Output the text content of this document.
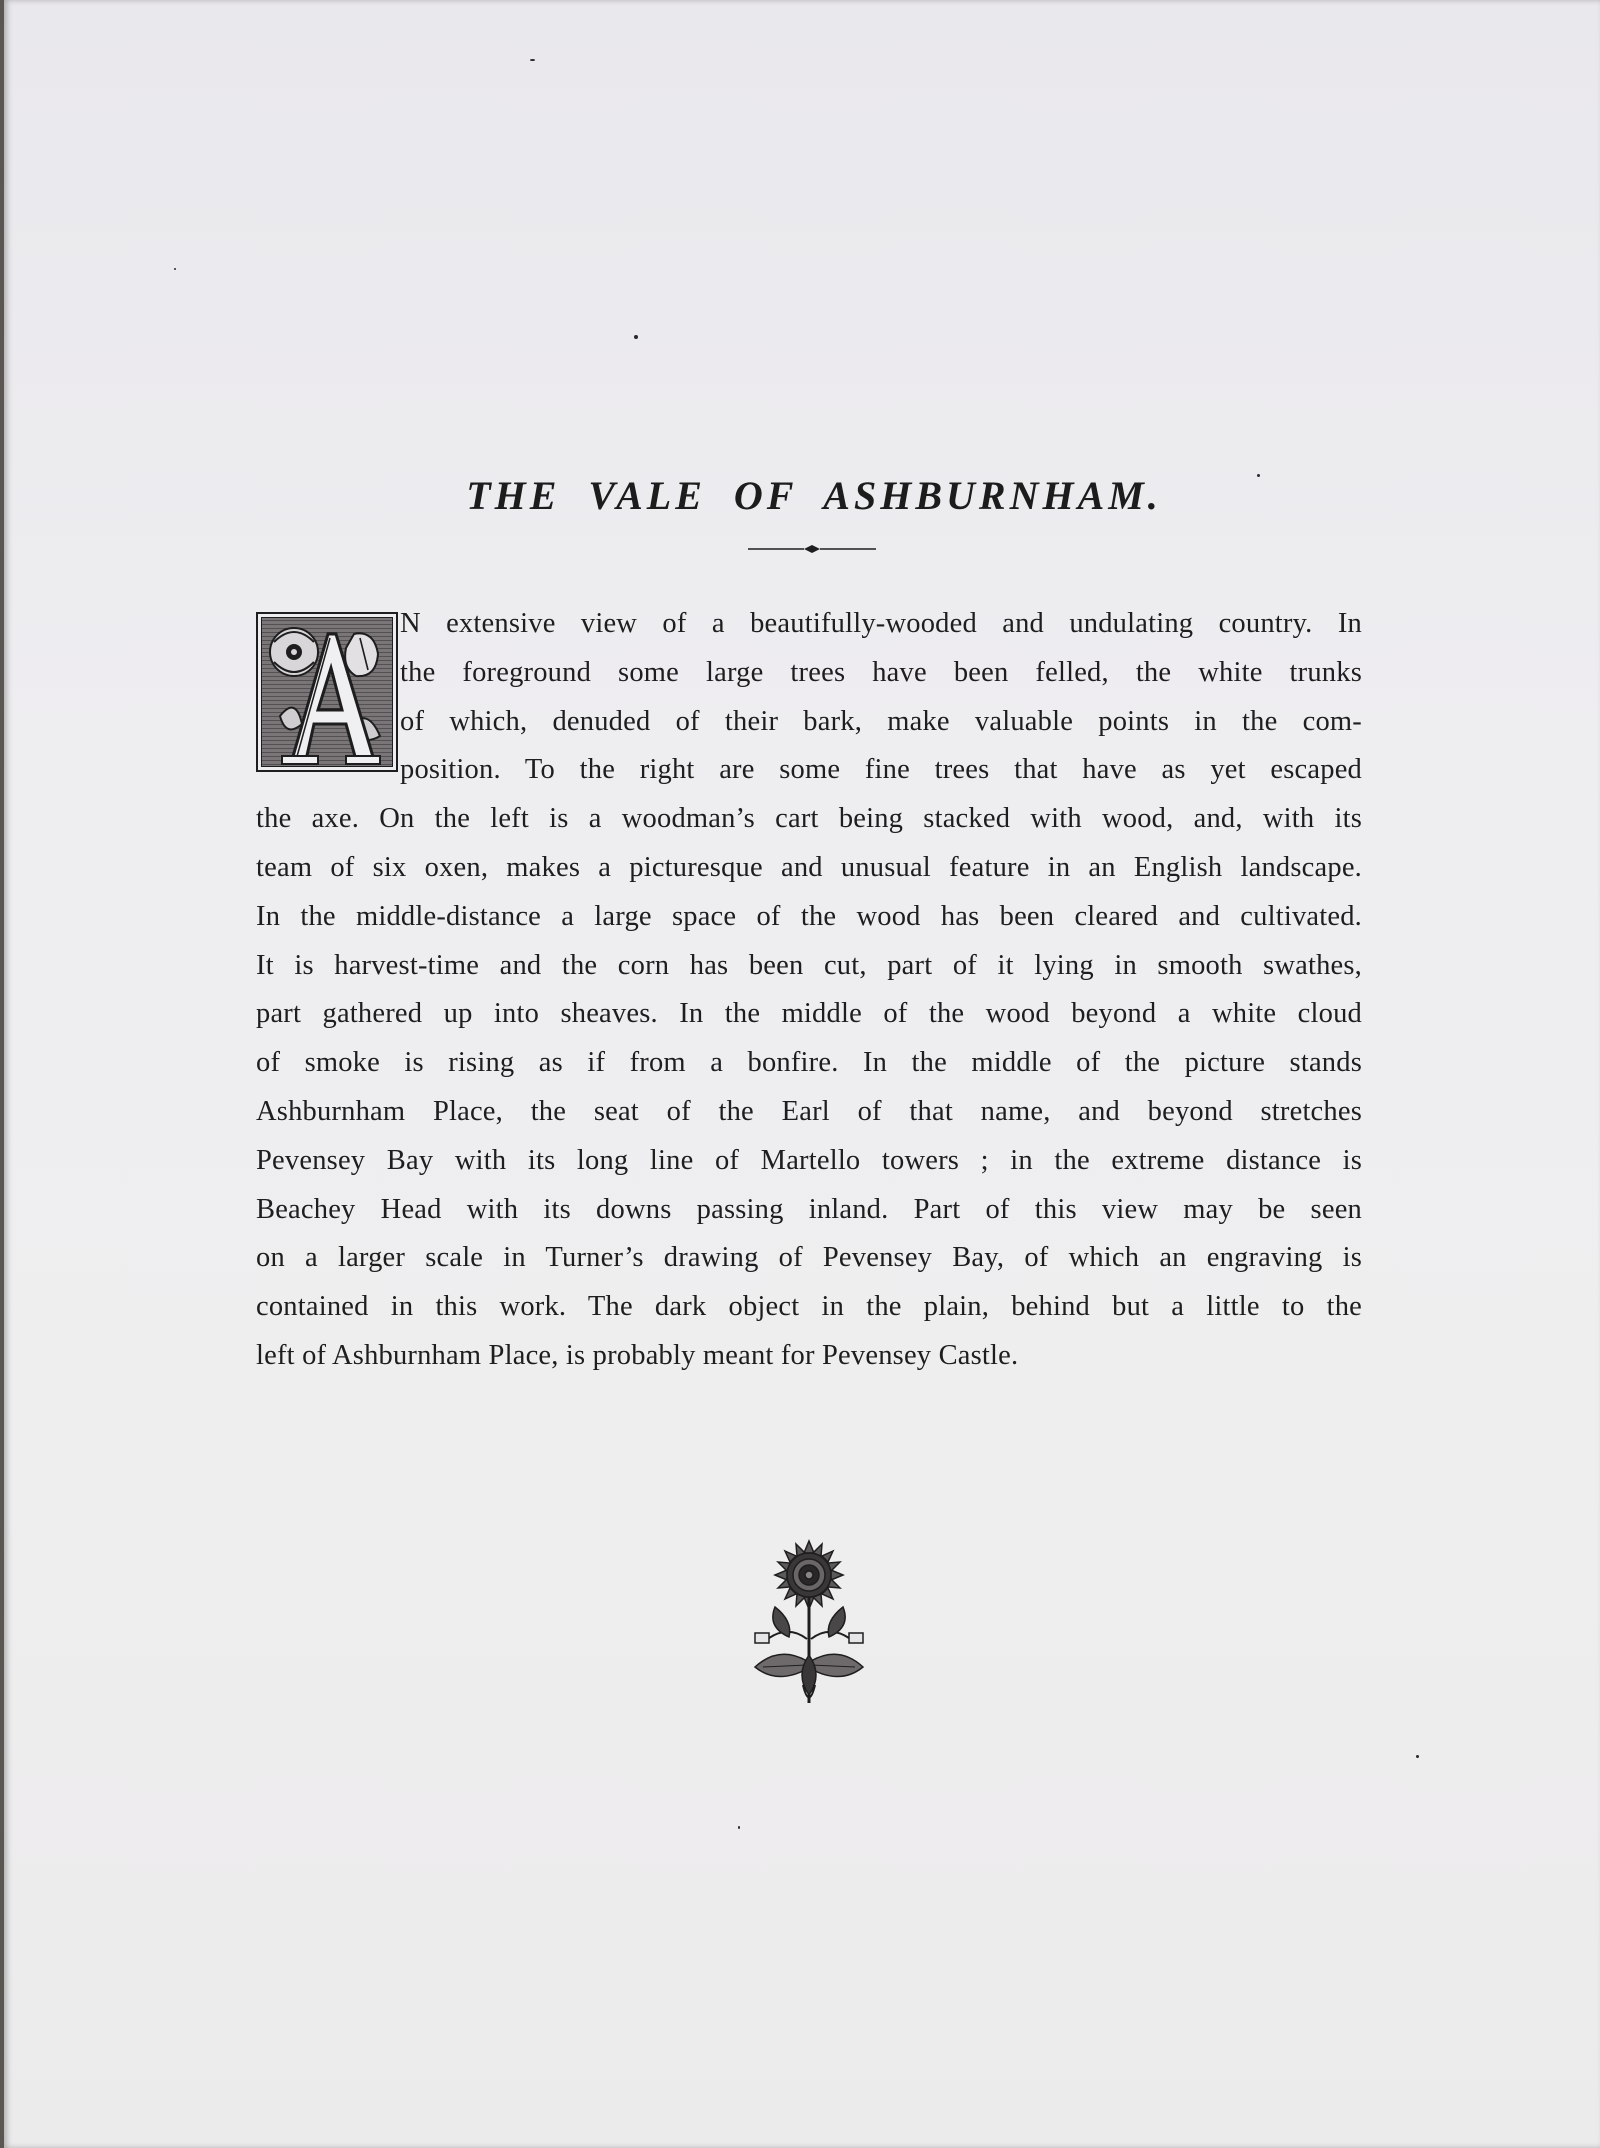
THE VALE OF ASHBURNHAM.
N extensive view of a beautifully-wooded and undulating country. In
the foreground some large trees have been felled, the white trunks
of which, denuded of their bark, make valuable points in the com-
position. To the right are some fine trees that have as yet escaped
the axe. On the left is a woodman’s cart being stacked with wood, and, with its
team of six oxen, makes a picturesque and unusual feature in an English landscape.
In the middle-distance a large space of the wood has been cleared and cultivated.
It is harvest-time and the corn has been cut, part of it lying in smooth swathes,
part gathered up into sheaves. In the middle of the wood beyond a white cloud
of smoke is rising as if from a bonfire. In the middle of the picture stands
Ashburnham Place, the seat of the Earl of that name, and beyond stretches
Pevensey Bay with its long line of Martello towers ; in the extreme distance is
Beachey Head with its downs passing inland. Part of this view may be seen
on a larger scale in Turner’s drawing of Pevensey Bay, of which an engraving is
contained in this work. The dark object in the plain, behind but a little to the
left of Ashburnham Place, is probably meant for Pevensey Castle.
